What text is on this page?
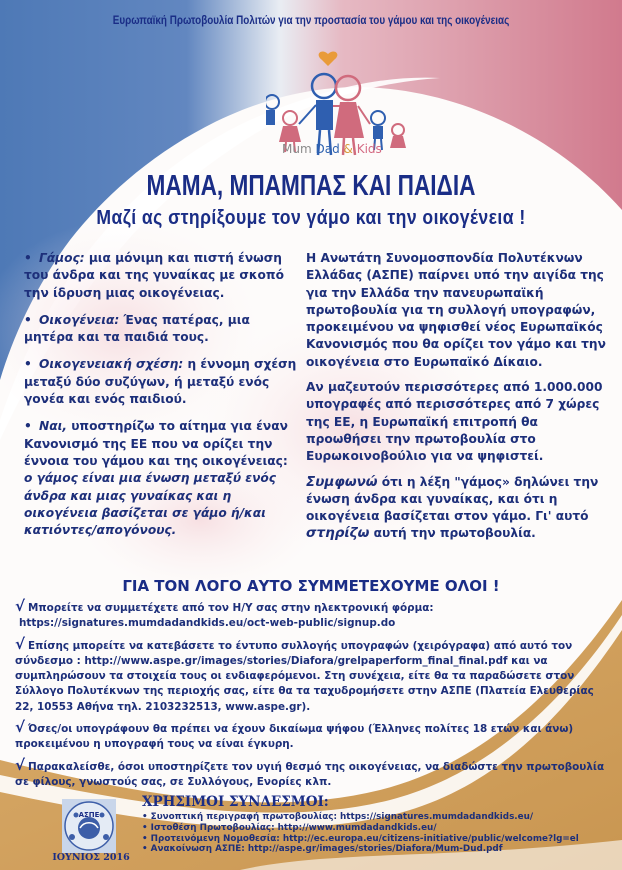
Ευρωπαϊκή Πρωτοβουλία Πολιτών για την προστασία του γάμου και της οικογένειας
Mum Dad & Kids
ΜΑΜΑ, ΜΠΑΜΠΑΣ ΚΑΙ ΠΑΙΔΙΑ
Μαζί ας στηρίξουμε τον γάμο και την οικογένεια !

• Γάμος: μια μόνιμη και πιστή ένωση του άνδρα και της γυναίκας με σκοπό την ίδρυση μιας οικογένειας.

• Οικογένεια: Ένας πατέρας, μια μητέρα και τα παιδιά τους.

• Οικογενειακή σχέση: η έννομη σχέση μεταξύ δύο συζύγων, ή μεταξύ ενός γονέα και ενός παιδιού.

• Ναι, υποστηρίζω το αίτημα για έναν Κανονισμό της ΕΕ που να ορίζει την έννοια του γάμου και της οικογένειας: ο γάμος είναι μια ένωση μεταξύ ενός άνδρα και μιας γυναίκας και η οικογένεια βασίζεται σε γάμο ή/και κατιόντες/απογόνους.

Η Ανωτάτη Συνομοσπονδία Πολυτέκνων Ελλάδας (ΑΣΠΕ) παίρνει υπό την αιγίδα της για την Ελλάδα την πανευρωπαϊκή πρωτοβουλία για τη συλλογή υπογραφών, προκειμένου να ψηφισθεί νέος Ευρωπαϊκός Κανονισμός που θα ορίζει τον γάμο και την οικογένεια στο Ευρωπαϊκό Δίκαιο.

Αν μαζευτούν περισσότερες από 1.000.000 υπογραφές από περισσότερες από 7 χώρες της ΕΕ, η Ευρωπαϊκή επιτροπή θα προωθήσει την πρωτοβουλία στο Ευρωκοινοβούλιο για να ψηφιστεί.

Συμφωνώ ότι η λέξη "γάμος» δηλώνει την ένωση άνδρα και γυναίκας, και ότι η οικογένεια βασίζεται στον γάμο. Γι' αυτό στηρίζω αυτή την πρωτοβουλία.

ΓΙΑ ΤΟΝ ΛΟΓΟ ΑΥΤΟ ΣΥΜΜΕΤΕΧΟΥΜΕ ΟΛΟΙ !

√ Μπορείτε να συμμετέχετε από τον Η/Υ σας στην ηλεκτρονική φόρμα:
https://signatures.mumdadandkids.eu/oct-web-public/signup.do

√ Επίσης μπορείτε να κατεβάσετε το έντυπο συλλογής υπογραφών (χειρόγραφα) από αυτό τον σύνδεσμο : http://www.aspe.gr/images/stories/Diafora/grelpaperform_final_final.pdf και να συμπληρώσουν τα στοιχεία τους οι ενδιαφερόμενοι. Στη συνέχεια, είτε θα τα παραδώσετε στον Σύλλογο Πολυτέκνων της περιοχής σας, είτε θα τα ταχυδρομήσετε στην ΑΣΠΕ (Πλατεία Ελευθερίας 22, 10553 Αθήνα τηλ. 2103232513, www.aspe.gr).

√ Όσες/οι υπογράφουν θα πρέπει να έχουν δικαίωμα ψήφου (Έλληνες πολίτες 18 ετών και άνω) προκειμένου η υπογραφή τους να είναι έγκυρη.

√ Παρακαλείσθε, όσοι υποστηρίζετε τον υγιή θεσμό της οικογένειας, να διαδώστε την πρωτοβουλία σε φίλους, γνωστούς σας, σε Συλλόγους, Ενορίες κλπ.

ΑΣΠΕ
ΙΟΥΝΙΟΣ 2016
ΧΡΗΣΙΜΟΙ ΣΥΝΔΕΣΜΟΙ:
• Συνοπτική περιγραφή πρωτοβουλίας: https://signatures.mumdadandkids.eu/
• Ιστοθέση Πρωτοβουλίας: http://www.mumdadandkids.eu/
• Προτεινόμενη Νομοθεσία: http://ec.europa.eu/citizens-initiative/public/welcome?lg=el
• Ανακοίνωση ΑΣΠΕ: http://aspe.gr/images/stories/Diafora/Mum-Dud.pdf
